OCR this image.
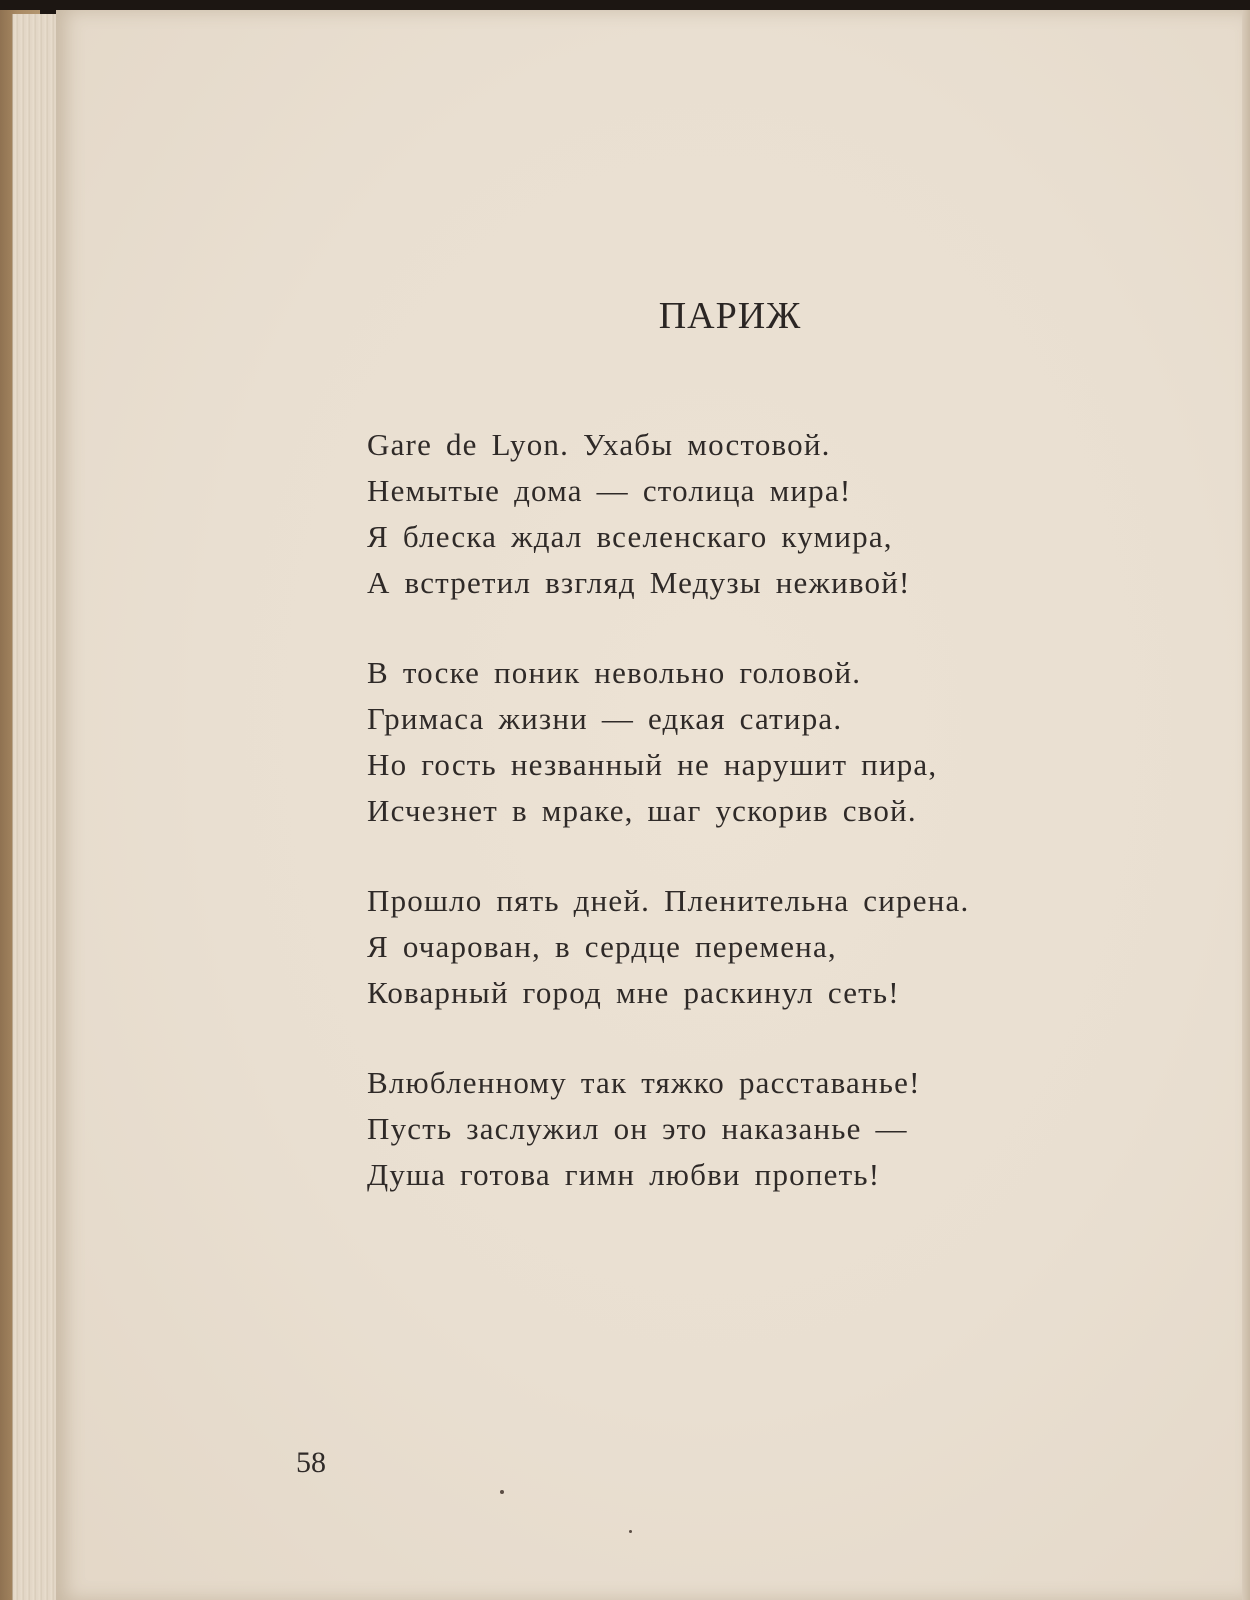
ПАРИЖ
Gare de Lyon. Ухабы мостовой.
Немытые дома — столица мира!
Я блеска ждал вселенскаго кумира,
А встретил взгляд Медузы неживой!
В тоске поник невольно головой.
Гримаса жизни — едкая сатира.
Но гость незванный не нарушит пира,
Исчезнет в мраке, шаг ускорив свой.
Прошло пять дней. Пленительна сирена.
Я очарован, в сердце перемена,
Коварный город мне раскинул сеть!
Влюбленному так тяжко расставанье!
Пусть заслужил он это наказанье —
Душа готова гимн любви пропеть!
58
